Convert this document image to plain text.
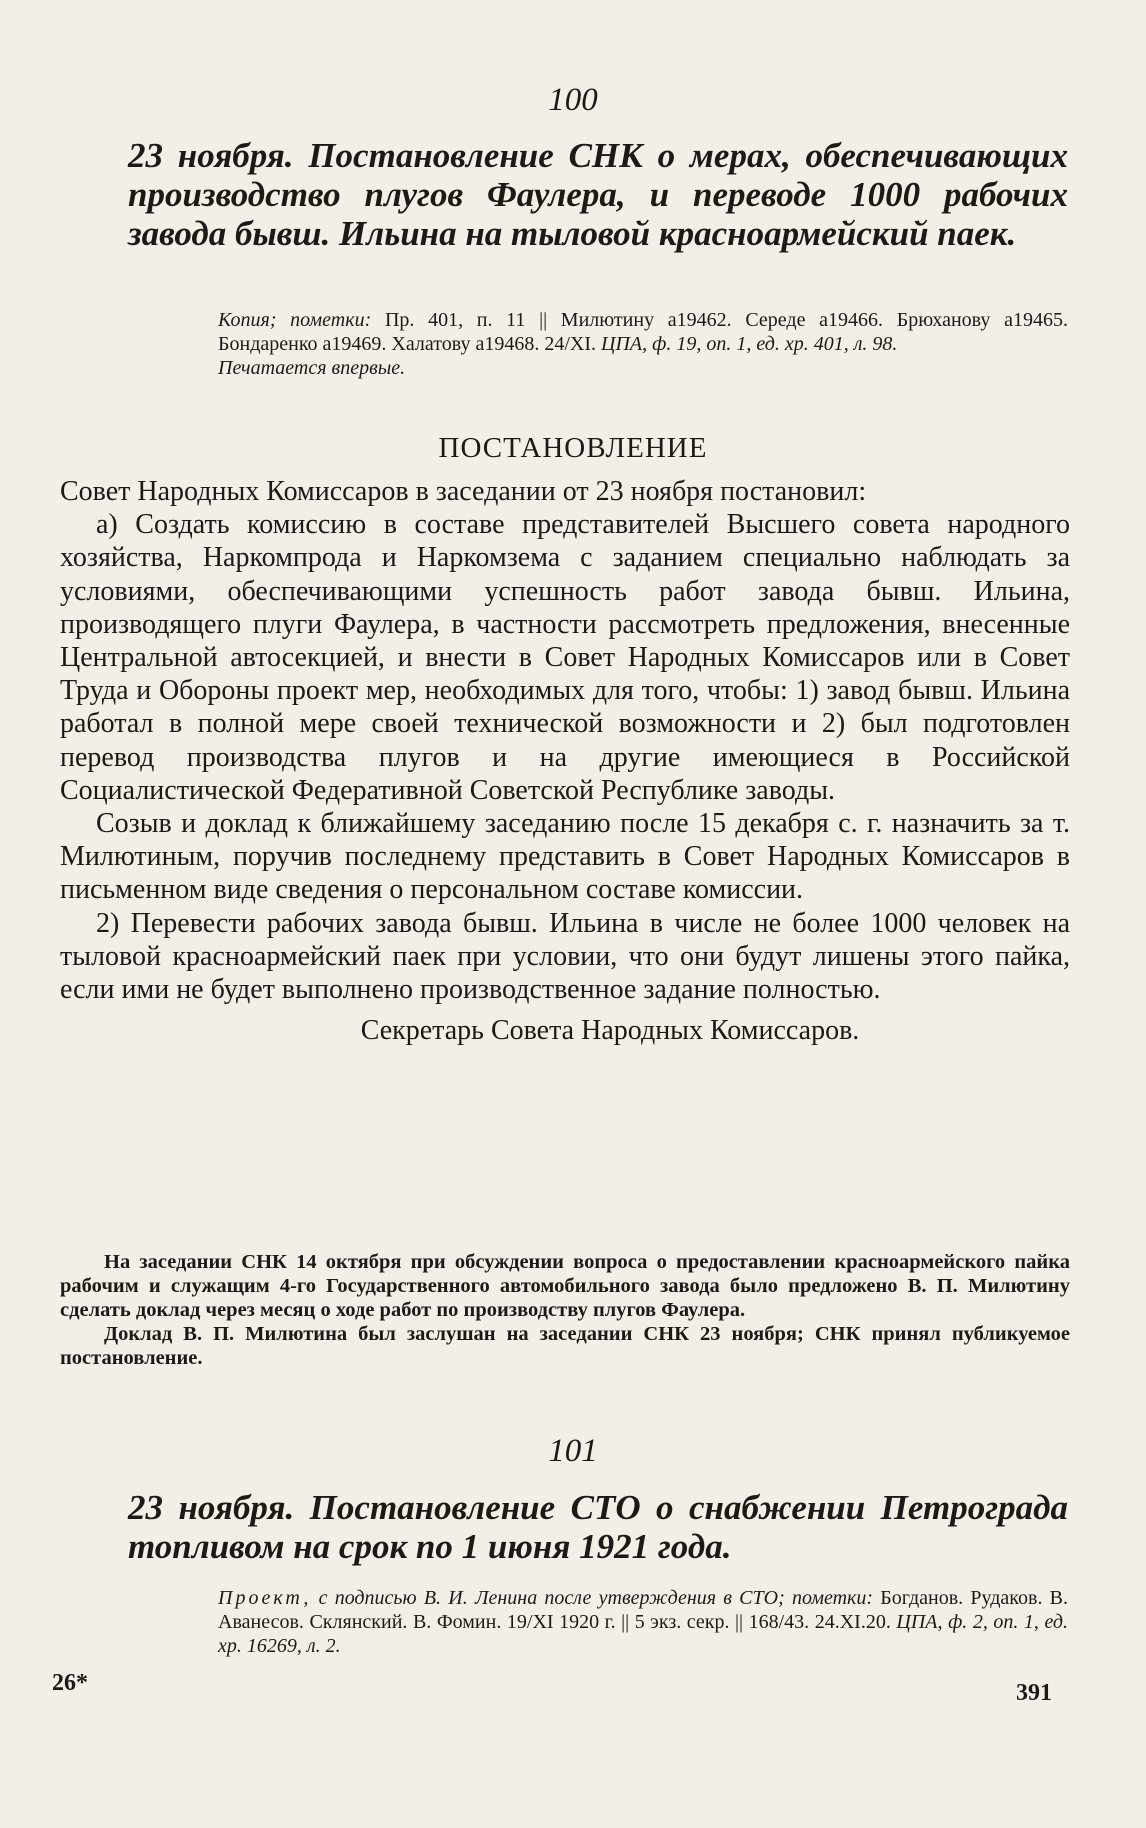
100
23 ноября. Постановление СНК о мерах, обеспечивающих производство плугов Фаулера, и переводе 1000 рабочих завода бывш. Ильина на тыловой красноармейский паек.
Копия; пометки: Пр. 401, п. 11 || Милютину а19462. Середе а19466. Брюханову а19465. Бондаренко а19469. Халатову а19468. 24/XI. ЦПА, ф. 19, оп. 1, ед. хр. 401, л. 98.
Печатается впервые.
ПОСТАНОВЛЕНИЕ

Совет Народных Комиссаров в заседании от 23 ноября постановил:

а) Создать комиссию в составе представителей Высшего совета народного хозяйства, Наркомпрода и Наркомзема с заданием специально наблюдать за условиями, обеспечивающими успешность работ завода бывш. Ильина, производящего плуги Фаулера, в частности рассмотреть предложения, внесенные Центральной автосекцией, и внести в Совет Народных Комиссаров или в Совет Труда и Обороны проект мер, необходимых для того, чтобы: 1) завод бывш. Ильина работал в полной мере своей технической возможности и 2) был подготовлен перевод производства плугов и на другие имеющиеся в Российской Социалистической Федеративной Советской Республике заводы.

Созыв и доклад к ближайшему заседанию после 15 декабря с. г. назначить за т. Милютиным, поручив последнему представить в Совет Народных Комиссаров в письменном виде сведения о персональном составе комиссии.

2) Перевести рабочих завода бывш. Ильина в числе не более 1000 человек на тыловой красноармейский паек при условии, что они будут лишены этого пайка, если ими не будет выполнено производственное задание полностью.

Секретарь Совета Народных Комиссаров.

На заседании СНК 14 октября при обсуждении вопроса о предоставлении красноармейского пайка рабочим и служащим 4-го Государственного автомобильного завода было предложено В. П. Милютину сделать доклад через месяц о ходе работ по производству плугов Фаулера.

Доклад В. П. Милютина был заслушан на заседании СНК 23 ноября; СНК принял публикуемое постановление.

101
23 ноября. Постановление СТО о снабжении Петрограда топливом на срок по 1 июня 1921 года.
Проект, с подписью В. И. Ленина после утверждения в СТО; пометки: Богданов. Рудаков. В. Аванесов. Склянский. В. Фомин. 19/XI 1920 г. || 5 экз. секр. || 168/43. 24.XI.20. ЦПА, ф. 2, оп. 1, ед. хр. 16269, л. 2.
26*	391
